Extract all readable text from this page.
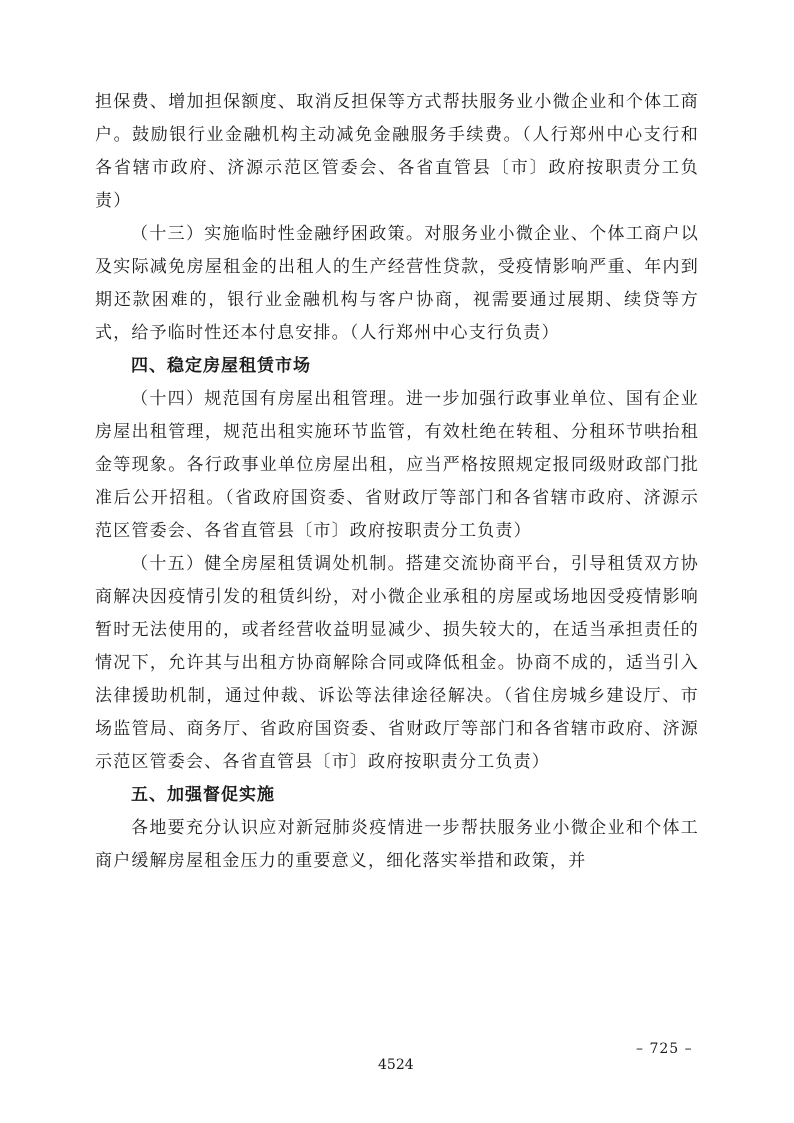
担保费、增加担保额度、取消反担保等方式帮扶服务业小微企业和个体工商户。鼓励银行业金融机构主动减免金融服务手续费。（人行郑州中心支行和各省辖市政府、济源示范区管委会、各省直管县〔市〕政府按职责分工负责）

（十三）实施临时性金融纾困政策。对服务业小微企业、个体工商户以及实际减免房屋租金的出租人的生产经营性贷款，受疫情影响严重、年内到期还款困难的，银行业金融机构与客户协商，视需要通过展期、续贷等方式，给予临时性还本付息安排。（人行郑州中心支行负责）

四、稳定房屋租赁市场

（十四）规范国有房屋出租管理。进一步加强行政事业单位、国有企业房屋出租管理，规范出租实施环节监管，有效杜绝在转租、分租环节哄抬租金等现象。各行政事业单位房屋出租，应当严格按照规定报同级财政部门批准后公开招租。（省政府国资委、省财政厅等部门和各省辖市政府、济源示范区管委会、各省直管县〔市〕政府按职责分工负责）

（十五）健全房屋租赁调处机制。搭建交流协商平台，引导租赁双方协商解决因疫情引发的租赁纠纷，对小微企业承租的房屋或场地因受疫情影响暂时无法使用的，或者经营收益明显减少、损失较大的，在适当承担责任的情况下，允许其与出租方协商解除合同或降低租金。协商不成的，适当引入法律援助机制，通过仲裁、诉讼等法律途径解决。（省住房城乡建设厅、市场监管局、商务厅、省政府国资委、省财政厅等部门和各省辖市政府、济源示范区管委会、各省直管县〔市〕政府按职责分工负责）

五、加强督促实施

各地要充分认识应对新冠肺炎疫情进一步帮扶服务业小微企业和个体工商户缓解房屋租金压力的重要意义，细化落实举措和政策，并

– 725 –
4524
